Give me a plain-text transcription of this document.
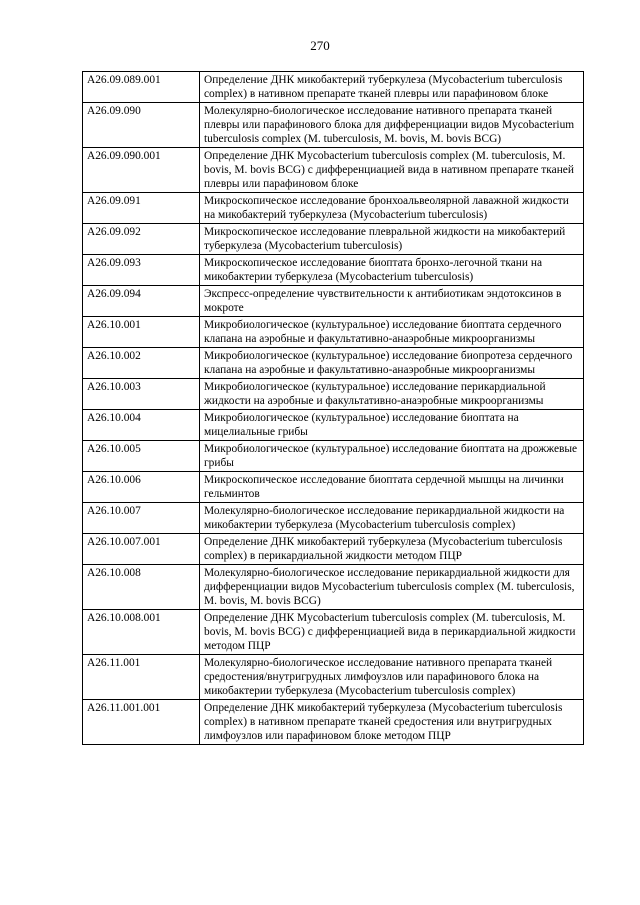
270
A26.09.089.001	Определение ДНК микобактерий туберкулеза (Mycobacterium tuberculosis complex) в нативном препарате тканей плевры или парафиновом блоке
A26.09.090	Молекулярно-биологическое исследование нативного препарата тканей плевры или парафинового блока для дифференциации видов Mycobacterium tuberculosis complex (M. tuberculosis, M. bovis, M. bovis BCG)
A26.09.090.001	Определение ДНК Mycobacterium tuberculosis complex (M. tuberculosis, M. bovis, M. bovis BCG) с дифференциацией вида в нативном препарате тканей плевры или парафиновом блоке
A26.09.091	Микроскопическое исследование бронхоальвеолярной лаважной жидкости на микобактерий туберкулеза (Mycobacterium tuberculosis)
A26.09.092	Микроскопическое исследование плевральной жидкости на микобактерий туберкулеза (Mycobacterium tuberculosis)
A26.09.093	Микроскопическое исследование биоптата бронхо-легочной ткани на микобактерии туберкулеза (Mycobacterium tuberculosis)
A26.09.094	Экспресс-определение чувствительности к антибиотикам эндотоксинов в мокроте
A26.10.001	Микробиологическое (культуральное) исследование биоптата сердечного клапана на аэробные и факультативно-анаэробные микроорганизмы
A26.10.002	Микробиологическое (культуральное) исследование биопротеза сердечного клапана на аэробные и факультативно-анаэробные микроорганизмы
A26.10.003	Микробиологическое (культуральное) исследование перикардиальной жидкости на аэробные и факультативно-анаэробные микроорганизмы
A26.10.004	Микробиологическое (культуральное) исследование биоптата на мицелиальные грибы
A26.10.005	Микробиологическое (культуральное) исследование биоптата на дрожжевые грибы
A26.10.006	Микроскопическое исследование биоптата сердечной мышцы на личинки гельминтов
A26.10.007	Молекулярно-биологическое исследование перикардиальной жидкости на микобактерии туберкулеза (Mycobacterium tuberculosis complex)
A26.10.007.001	Определение ДНК микобактерий туберкулеза (Mycobacterium tuberculosis complex) в перикардиальной жидкости методом ПЦР
A26.10.008	Молекулярно-биологическое исследование перикардиальной жидкости для дифференциации видов Mycobacterium tuberculosis complex (M. tuberculosis, M. bovis, M. bovis BCG)
A26.10.008.001	Определение ДНК Mycobacterium tuberculosis complex (M. tuberculosis, M. bovis, M. bovis BCG) с дифференциацией вида в перикардиальной жидкости методом ПЦР
A26.11.001	Молекулярно-биологическое исследование нативного препарата тканей средостения/внутригрудных лимфоузлов или парафинового блока на микобактерии туберкулеза (Mycobacterium tuberculosis complex)
A26.11.001.001	Определение ДНК микобактерий туберкулеза (Mycobacterium tuberculosis complex) в нативном препарате тканей средостения или внутригрудных лимфоузлов или парафиновом блоке методом ПЦР
